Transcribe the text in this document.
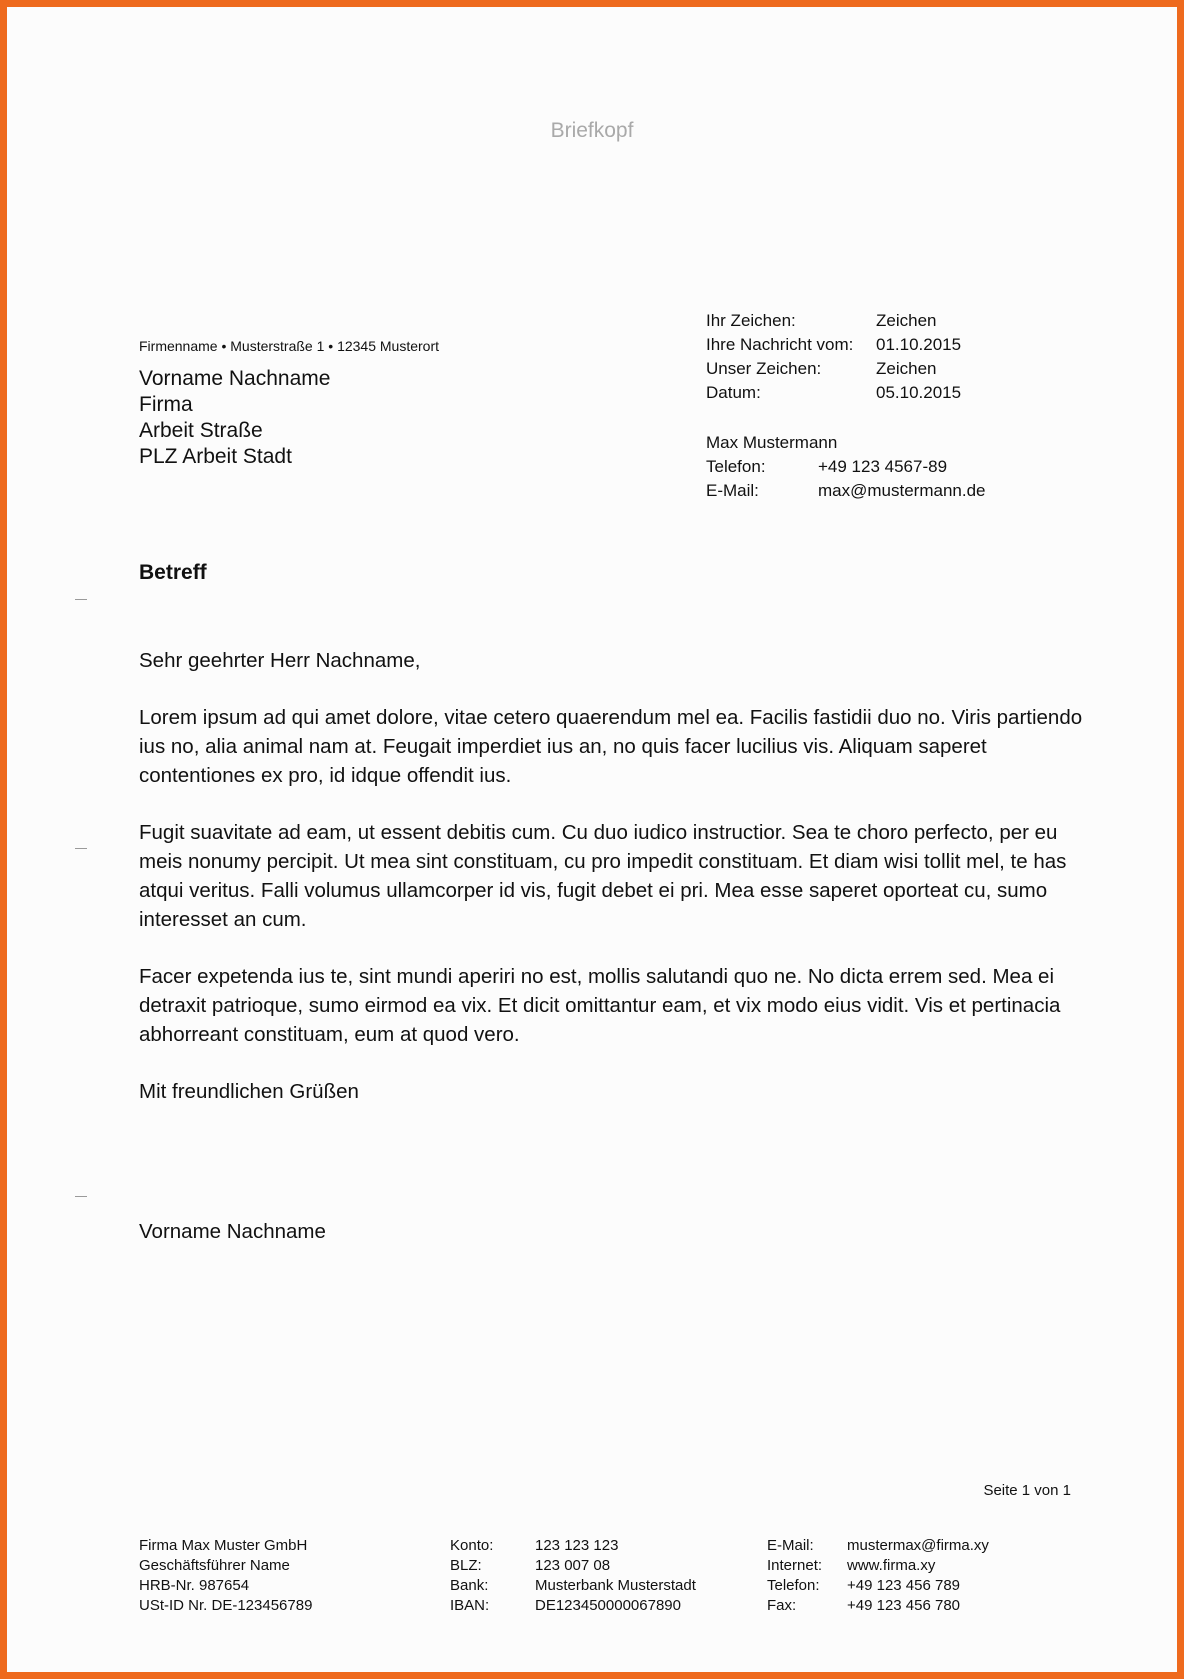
Briefkopf
Firmenname • Musterstraße 1 • 12345 Musterort
Vorname Nachname
Firma
Arbeit Straße
PLZ Arbeit Stadt
Ihr Zeichen:	Zeichen
Ihre Nachricht vom:	01.10.2015
Unser Zeichen:	Zeichen
Datum:	05.10.2015
Max Mustermann
Telefon:	+49 123 4567-89
E-Mail:	max@mustermann.de
Betreff

Sehr geehrter Herr Nachname,

Lorem ipsum ad qui amet dolore, vitae cetero quaerendum mel ea. Facilis fastidii duo no. Viris partiendo ius no, alia animal nam at. Feugait imperdiet ius an, no quis facer lucilius vis. Aliquam saperet contentiones ex pro, id idque offendit ius.

Fugit suavitate ad eam, ut essent debitis cum. Cu duo iudico instructior. Sea te choro perfecto, per eu meis nonumy percipit. Ut mea sint constituam, cu pro impedit constituam. Et diam wisi tollit mel, te has atqui veritus. Falli volumus ullamcorper id vis, fugit debet ei pri. Mea esse saperet oporteat cu, sumo interesset an cum.

Facer expetenda ius te, sint mundi aperiri no est, mollis salutandi quo ne. No dicta errem sed. Mea ei detraxit patrioque, sumo eirmod ea vix. Et dicit omittantur eam, et vix modo eius vidit. Vis et pertinacia abhorreant constituam, eum at quod vero.

Mit freundlichen Grüßen

Vorname Nachname
Seite 1 von 1
Firma Max Muster GmbH
Geschäftsführer Name
HRB-Nr. 987654
USt-ID Nr. DE-123456789
Konto:	123 123 123
BLZ:	123 007 08
Bank:	Musterbank Musterstadt
IBAN:	DE123450000067890
E-Mail:	mustermax@firma.xy
Internet:	www.firma.xy
Telefon:	+49 123 456 789
Fax:	+49 123 456 780
